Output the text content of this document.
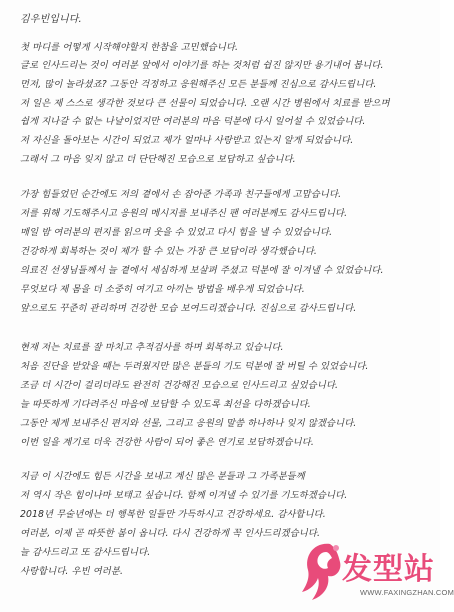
김우빈입니다.
첫 마디를 어떻게 시작해야할지 한참을 고민했습니다.
글로 인사드리는 것이 여러분 앞에서 이야기를 하는 것처럼 쉽진 않지만 용기내어 봅니다.
먼저, 많이 놀라셨죠? 그동안 걱정하고 응원해주신 모든 분들께 진심으로 감사드립니다.
저 일은 제 스스로 생각한 것보다 큰 선물이 되었습니다. 오랜 시간 병원에서 치료를 받으며
쉽게 지나갈 수 없는 나날이었지만 여러분의 마음 덕분에 다시 일어설 수 있었습니다.
저 자신을 돌아보는 시간이 되었고 제가 얼마나 사랑받고 있는지 알게 되었습니다.
그래서 그 마음 잊지 않고 더 단단해진 모습으로 보답하고 싶습니다.
가장 힘들었던 순간에도 저의 곁에서 손 잡아준 가족과 친구들에게 고맙습니다.
저를 위해 기도해주시고 응원의 메시지를 보내주신 팬 여러분께도 감사드립니다.
매일 밤 여러분의 편지를 읽으며 웃을 수 있었고 다시 힘을 낼 수 있었습니다.
건강하게 회복하는 것이 제가 할 수 있는 가장 큰 보답이라 생각했습니다.
의료진 선생님들께서 늘 곁에서 세심하게 보살펴 주셨고 덕분에 잘 이겨낼 수 있었습니다.
무엇보다 제 몸을 더 소중히 여기고 아끼는 방법을 배우게 되었습니다.
앞으로도 꾸준히 관리하며 건강한 모습 보여드리겠습니다. 진심으로 감사드립니다.
현재 저는 치료를 잘 마치고 추적검사를 하며 회복하고 있습니다.
처음 진단을 받았을 때는 두려웠지만 많은 분들의 기도 덕분에 잘 버틸 수 있었습니다.
조금 더 시간이 걸리더라도 완전히 건강해진 모습으로 인사드리고 싶었습니다.
늘 따뜻하게 기다려주신 마음에 보답할 수 있도록 최선을 다하겠습니다.
그동안 제게 보내주신 편지와 선물, 그리고 응원의 말씀 하나하나 잊지 않겠습니다.
이번 일을 계기로 더욱 건강한 사람이 되어 좋은 연기로 보답하겠습니다.
지금 이 시간에도 힘든 시간을 보내고 계신 많은 분들과 그 가족분들께
저 역시 작은 힘이나마 보태고 싶습니다. 함께 이겨낼 수 있기를 기도하겠습니다.
2018년 무술년에는 더 행복한 일들만 가득하시고 건강하세요. 감사합니다.
여러분, 이제 곧 따뜻한 봄이 옵니다. 다시 건강하게 꼭 인사드리겠습니다.
늘 감사드리고 또 감사드립니다.
사랑합니다. 우빈 여러분.	发型站
WWW.FAXINGZHAN.COM
